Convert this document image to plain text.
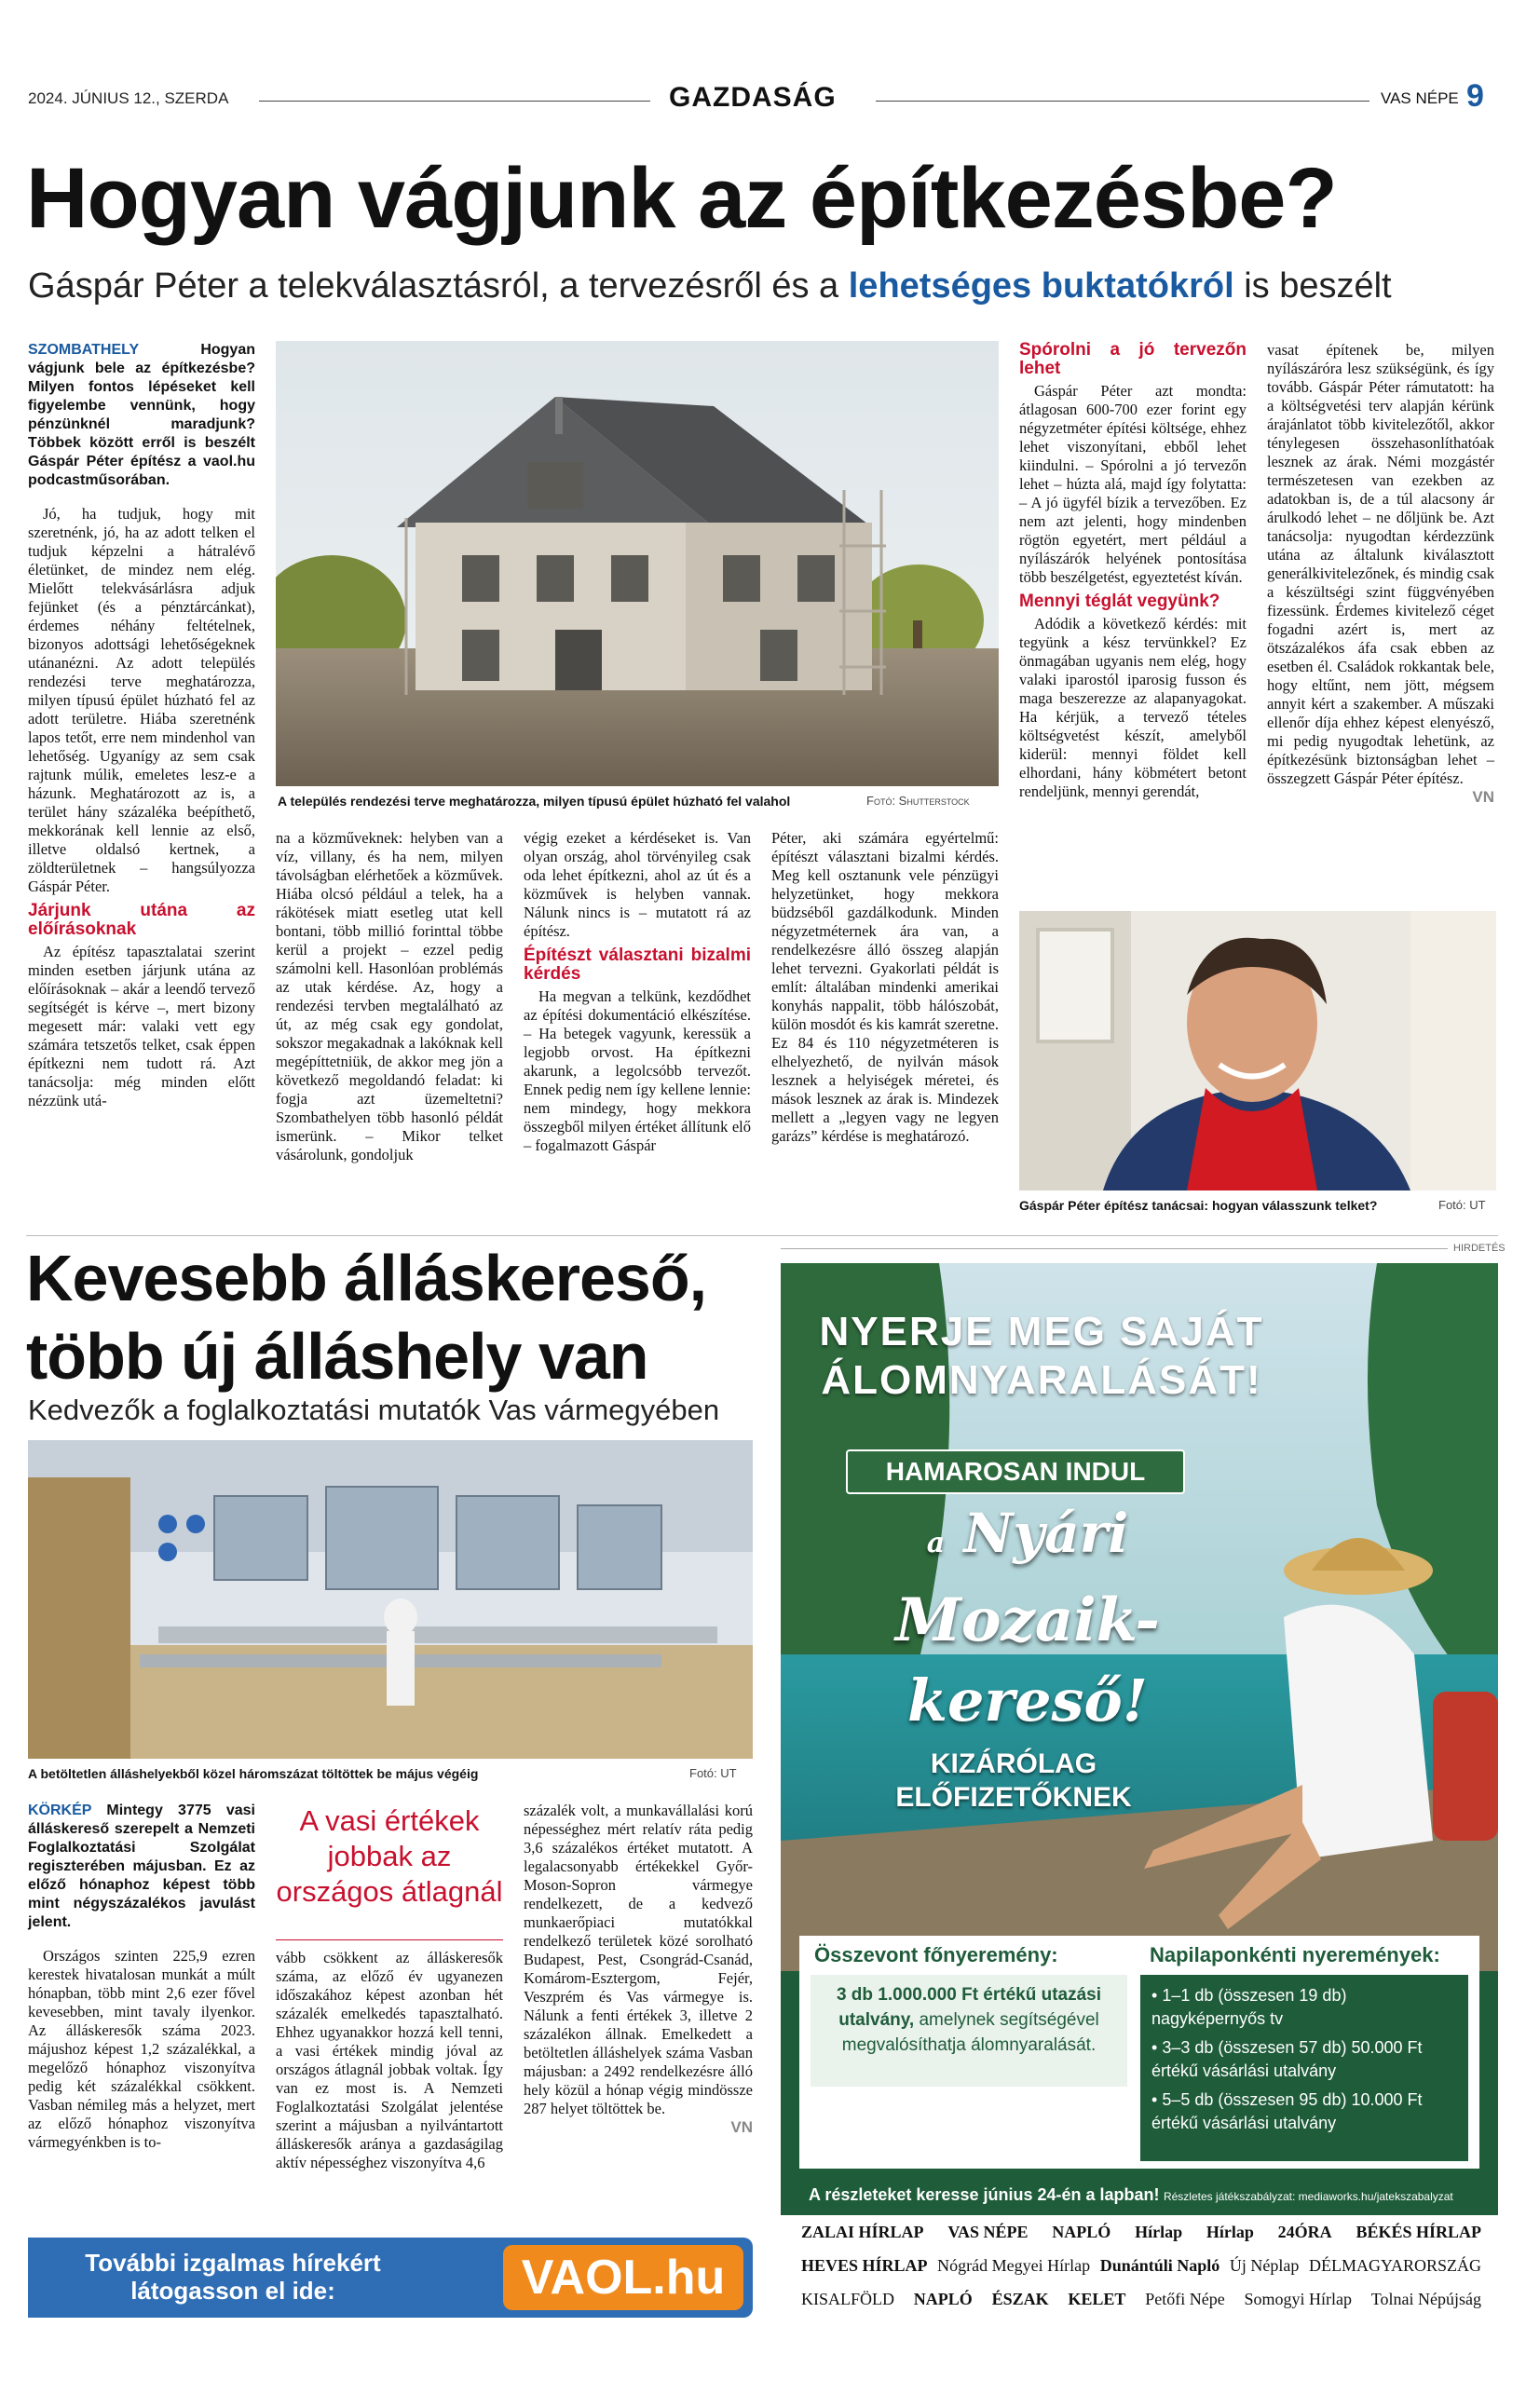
2024. JÚNIUS 12., SZERDA	GAZDASÁG	VAS NÉPE 9
Hogyan vágjunk az építkezésbe?
Gáspár Péter a telekválasztásról, a tervezésről és a lehetséges buktatókról is beszélt
SZOMBATHELY	Hogyan vágjunk bele az építkezésbe? Milyen fontos lépéseket kell figyelembe vennünk, hogy pénzünknél maradjunk? Többek között erről is beszélt Gáspár Péter építész a vaol.hu podcastműsorában.

Jó, ha tudjuk, hogy mit szeretnénk, jó, ha az adott telken el tudjuk képzelni a hátralévő életünket, de mindez nem elég. Mielőtt telekvásárlásra adjuk fejünket (és a pénztárcánkat), érdemes néhány feltételnek, bizonyos adottsági lehetőségeknek utánanézni. Az adott település rendezési terve meghatározza, milyen típusú épület húzható fel az adott területre. Hiába szeretnénk lapos tetőt, erre nem mindenhol van lehetőség. Ugyanígy az sem csak rajtunk múlik, emeletes lesz-e a házunk. Meghatározott az is, a terület hány százaléka beépíthető, mekkorának kell lennie az első, illetve oldalsó kertnek, a zöldterületnek – hangsúlyozza Gáspár Péter.

Járjunk utána az előírásoknak

Az építész tapasztalatai szerint minden esetben járjunk utána az előírásoknak – akár a leendő tervező segítségét is kérve –, mert bizony megesett már: valaki vett egy számára tetszetős telket, csak éppen építkezni nem tudott rá. Azt tanácsolja: még minden előtt nézzünk utá-

A település rendezési terve meghatározza, milyen típusú épület húzható fel valahol	Fotó: Shutterstock

na a közműveknek: helyben van a víz, villany, és ha nem, milyen távolságban elérhetőek a közművek. Hiába olcsó például a telek, ha a rákötések miatt esetleg utat kell bontani, több millió forinttal többe kerül a projekt – ezzel pedig számolni kell. Hasonlóan problémás az utak kérdése. Az, hogy a rendezési tervben megtalálható az út, az még csak egy gondolat, sokszor megakadnak a lakóknak kell megépíttetniük, de akkor meg jön a következő megoldandó feladat: ki fogja azt üzemeltetni? Szombathelyen több hasonló példát ismerünk. – Mikor telket vásárolunk, gondoljuk

végig ezeket a kérdéseket is. Van olyan ország, ahol törvényileg csak oda lehet építkezni, ahol az út és a közművek is helyben vannak. Nálunk nincs is – mutatott rá az építész.

Építészt választani bizalmi kérdés

Ha megvan a telkünk, kezdődhet az építési dokumentáció elkészítése. – Ha betegek vagyunk, keressük a legjobb orvost. Ha építkezni akarunk, a legolcsóbb tervezőt. Ennek pedig nem így kellene lennie: nem mindegy, hogy mekkora összegből milyen értéket állítunk elő – fogalmazott Gáspár

Péter, aki számára egyértelmű: építészt választani bizalmi kérdés. Meg kell osztanunk vele pénzügyi helyzetünket, hogy mekkora büdzséből gazdálkodunk. Minden négyzetméternek ára van, a rendelkezésre álló összeg alapján lehet tervezni. Gyakorlati példát is említ: általában mindenki amerikai konyhás nappalit, több hálószobát, külön mosdót és kis kamrát szeretne. Ez 84 és 110 négyzetméteren is elhelyezhető, de nyilván mások lesznek a helyiségek méretei, és mások lesznek az árak is. Mindezek mellett a „legyen vagy ne legyen garázs” kérdése is meghatározó.

Spórolni a jó tervezőn lehet

Gáspár Péter azt mondta: átlagosan 600-700 ezer forint egy négyzetméter építési költsége, ehhez lehet viszonyítani, ebből lehet kiindulni. – Spórolni a jó tervezőn lehet – húzta alá, majd így folytatta: – A jó ügyfél bízik a tervezőben. Ez nem azt jelenti, hogy mindenben rögtön egyetért, mert például a nyílászárók helyének pontosítása több beszélgetést, egyeztetést kíván.

Mennyi téglát vegyünk?

Adódik a következő kérdés: mit tegyünk a kész tervünkkel? Ez önmagában ugyanis nem elég, hogy valaki iparostól iparosig fusson és maga beszerezze az alapanyagokat. Ha kérjük, a tervező tételes költségvetést készít, amelyből kiderül: mennyi földet kell elhordani, hány köbmétert betont rendeljünk, mennyi gerendát,

vasat építenek be, milyen nyílászáróra lesz szükségünk, és így tovább. Gáspár Péter rámutatott: ha a költségvetési terv alapján kérünk árajánlatot több kivitelezőtől, akkor ténylegesen összehasonlíthatóak lesznek az árak. Némi mozgástér természetesen van ezekben az adatokban is, de a túl alacsony ár árulkodó lehet – ne dőljünk be. Azt tanácsolja: nyugodtan kérdezzünk utána az általunk kiválasztott generálkivitelezőnek, és mindig csak a készültségi szint függvényében fizessünk. Érdemes kivitelező céget fogadni azért is, mert az ötszázalékos áfa csak ebben az esetben él. Családok rokkantak bele, hogy eltűnt, nem jött, mégsem annyit kért a szakember. A műszaki ellenőr díja ehhez képest elenyésző, mi pedig nyugodtak lehetünk, az építkezésünk biztonságban lehet – összegzett Gáspár Péter építész.

VN
Gáspár Péter építész tanácsai: hogyan válasszunk telket?	Fotó: UT
Kevesebb álláskereső,
több új álláshely van
Kedvezők a foglalkoztatási mutatók Vas vármegyében
A betöltetlen álláshelyekből közel háromszázat töltöttek be május végéig	Fotó: UT
KÖRKÉP Mintegy 3775 vasi álláskereső szerepelt a Nemzeti Foglalkoztatási Szolgálat regiszterében májusban. Ez az előző hónaphoz képest több mint négyszázalékos javulást jelent.

Országos szinten 225,9 ezren kerestek hivatalosan munkát a múlt hónapban, több mint 2,6 ezer fővel kevesebben, mint tavaly ilyenkor. Az álláskeresők száma 2023. májushoz képest 1,2 százalékkal, a megelőző hónaphoz viszonyítva pedig két százalékkal csökkent. Vasban némileg más a helyzet, mert az előző hónaphoz viszonyítva vármegyénkben is to-

A vasi értékek jobbak az országos átlagnál

vább csökkent az álláskeresők száma, az előző év ugyanezen időszakához képest azonban hét százalék emelkedés tapasztalható. Ehhez ugyanakkor hozzá kell tenni, a vasi értékek mindig jóval az országos átlagnál jobbak voltak. Így van ez most is. A Nemzeti Foglalkoztatási Szolgálat jelentése szerint a májusban a nyilvántartott álláskeresők aránya a gazdaságilag aktív népességhez viszonyítva 4,6

százalék volt, a munkavállalási korú népességhez mért relatív ráta pedig 3,6 százalékos értéket mutatott. A legalacsonyabb értékekkel Győr-Moson-Sopron vármegye rendelkezett, de a kedvező munkaerőpiaci mutatókkal rendelkező területek közé sorolható Budapest, Pest, Csongrád-Csanád, Komárom-Esztergom, Fejér, Veszprém és Vas vármegye is. Nálunk a fenti értékek 3, illetve 2 százalékon állnak. Emelkedett a betöltetlen álláshelyek száma Vasban májusban: a 2492 rendelkezésre álló hely közül a hónap végig mindössze 287 helyet töltöttek be.

VN
További izgalmas hírekért
látogasson el ide:	VAOL.hu
HIRDETÉS
NYERJE MEG SAJÁT ÁLOMNYARALÁSÁT!
HAMAROSAN INDUL
a Nyári
Mozaik-
kereső!
KIZÁRÓLAG
ELŐFIZETŐKNEK
Összevont főnyeremény:
3 db 1.000.000 Ft értékű utazási utalvány, amelynek segítségével megvalósíthatja álomnyaralását.
Napilaponkénti nyeremények:
• 1–1 db (összesen 19 db) nagyképernyős tv
• 3–3 db (összesen 57 db) 50.000 Ft értékű vásárlási utalvány
• 5–5 db (összesen 95 db) 10.000 Ft értékű vásárlási utalvány
A részleteket keresse június 24-én a lapban! Részletes játékszabályzat: mediaworks.hu/jatekszabalyzat
ZALAI HÍRLAP VAS NÉPE NAPLÓ Hírlap Hírlap 24ÓRA BÉKÉS HÍRLAP
HEVES HÍRLAP Nógrád Megyei Hírlap Dunántúli Napló Új Néplap DÉLMAGYARORSZÁG
KISALFÖLD NAPLÓ ÉSZAK KELET Petőfi Népe Somogyi Hírlap Tolnai Népújság
